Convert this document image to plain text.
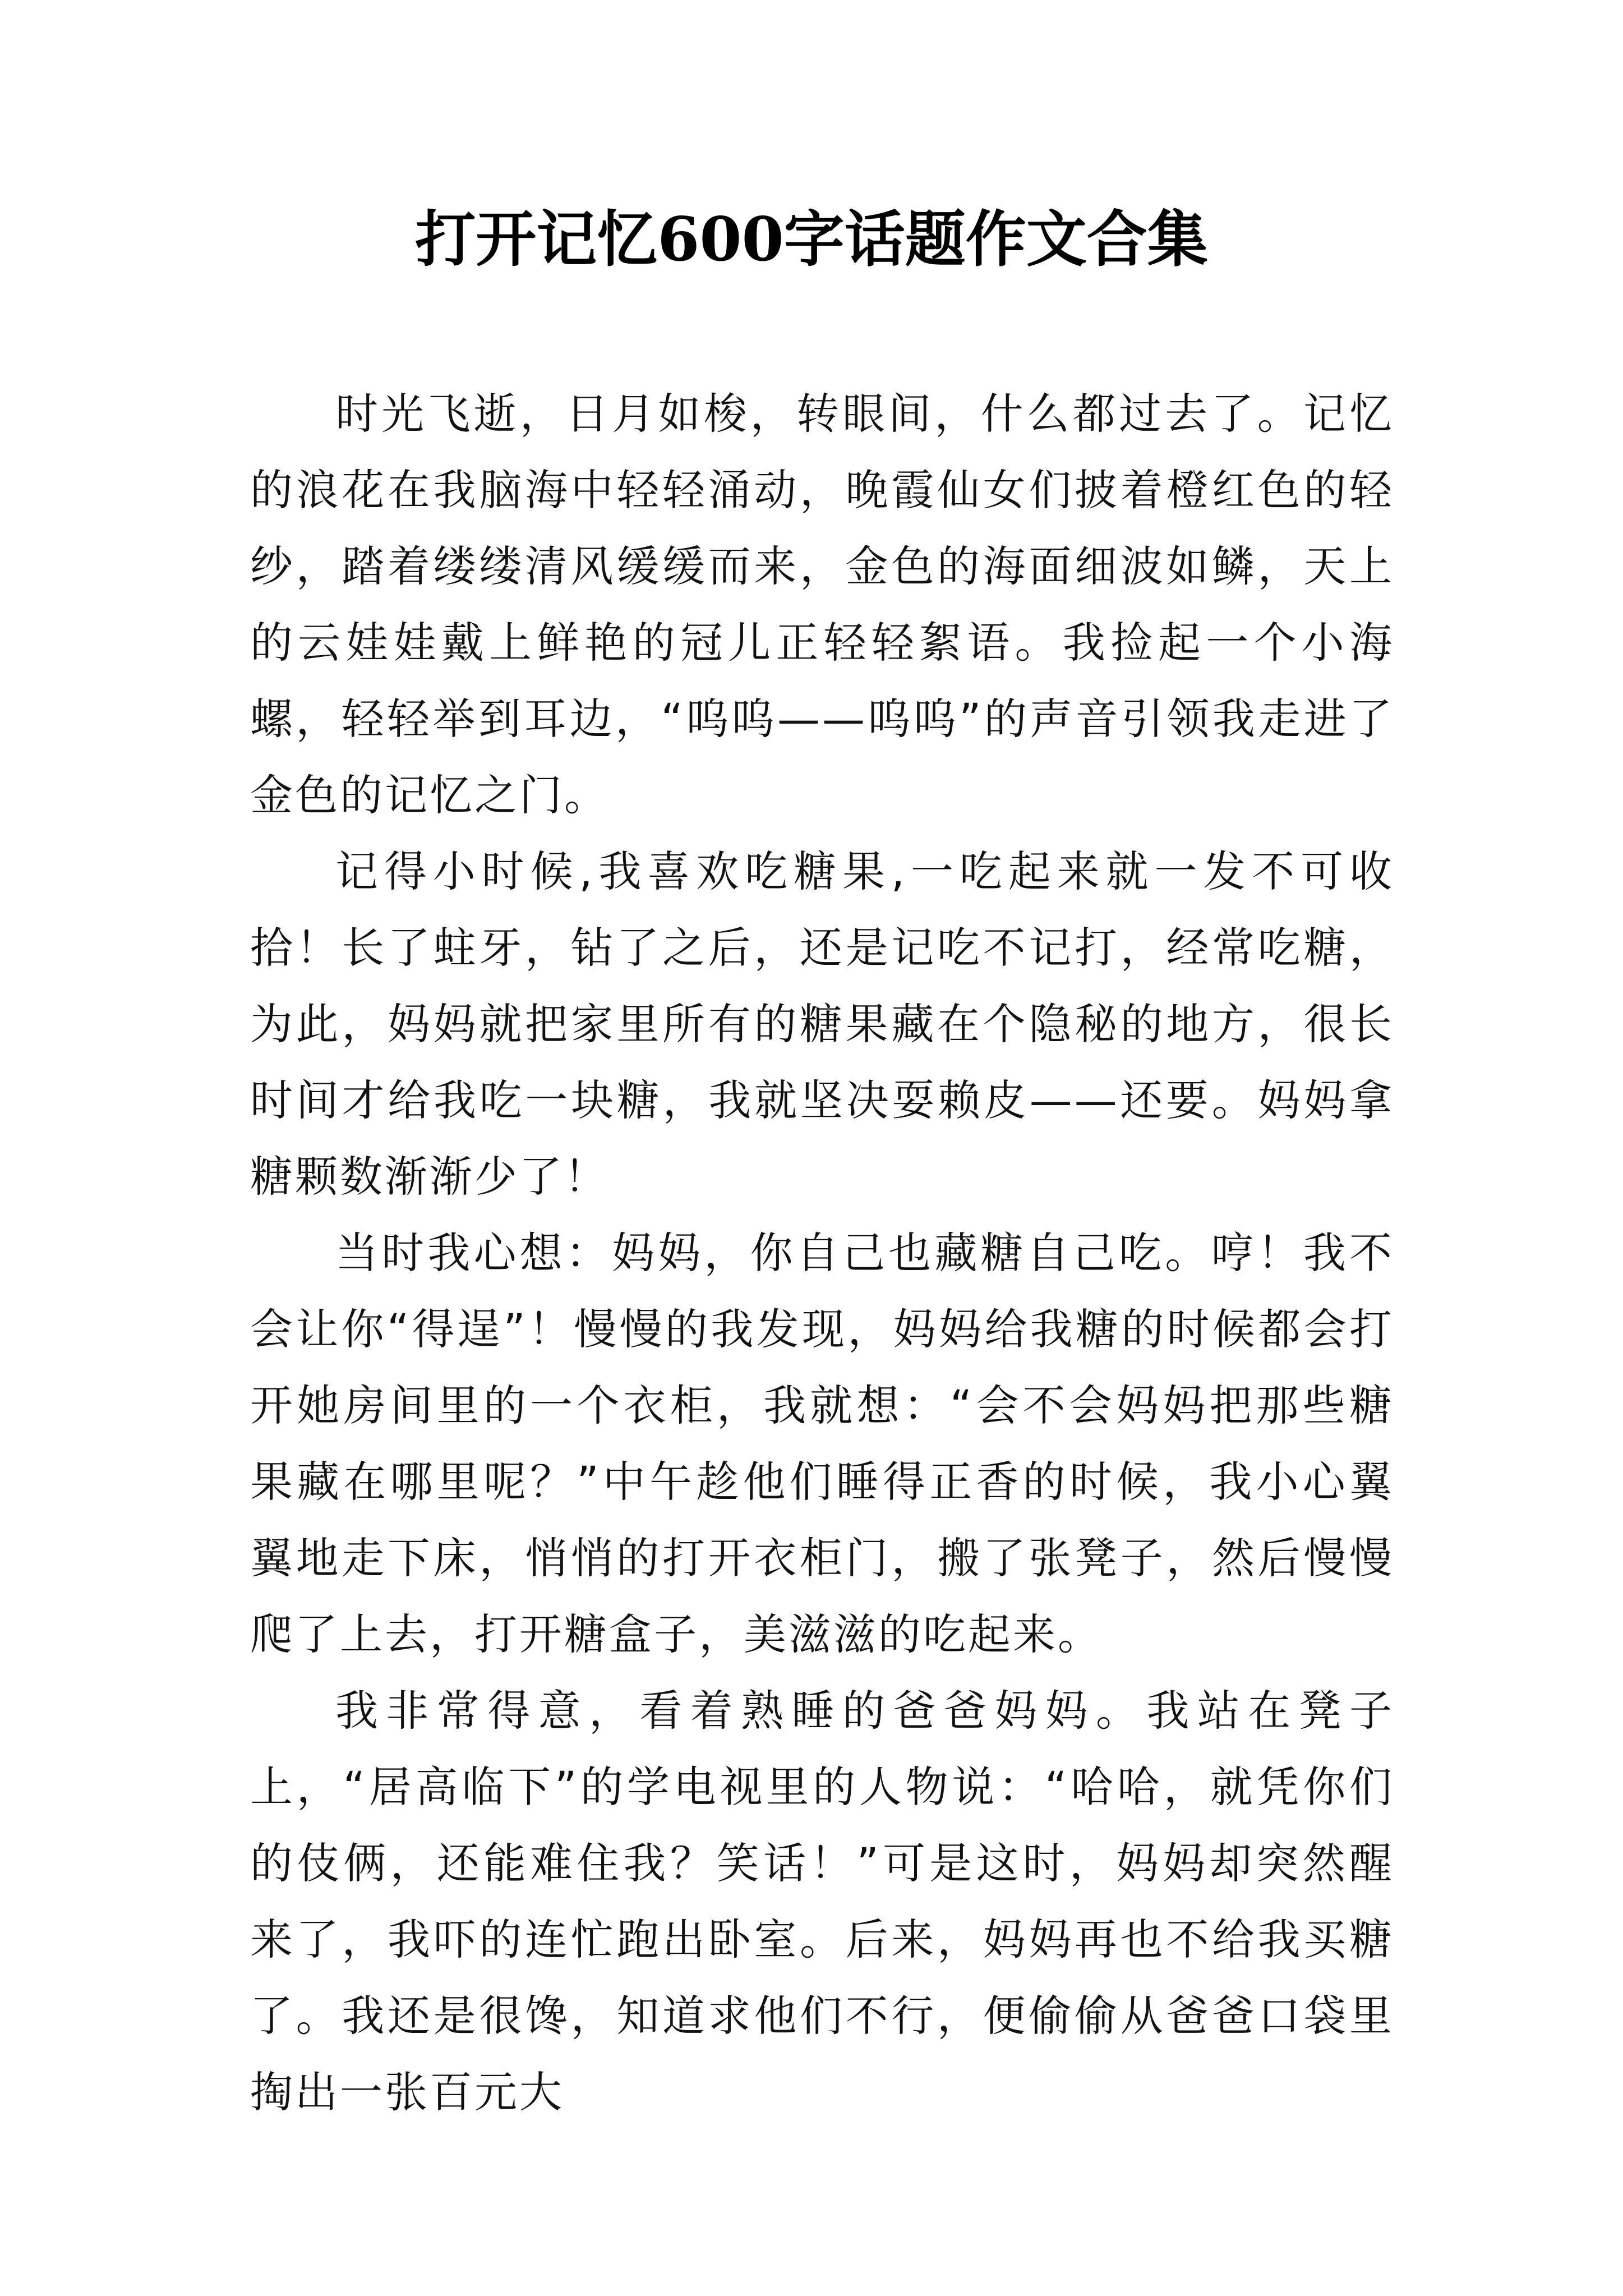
打开记忆600字话题作文合集

时光飞逝，日月如梭，转眼间，什么都过去了。记忆的浪花在我脑海中轻轻涌动，晚霞仙女们披着橙红色的轻纱，踏着缕缕清风缓缓而来，金色的海面细波如鳞，天上的云娃娃戴上鲜艳的冠儿正轻轻絮语。我捡起一个小海螺，轻轻举到耳边，“呜呜——呜呜”的声音引领我走进了金色的记忆之门。

记得小时候,我喜欢吃糖果,一吃起来就一发不可收拾！长了蛀牙，钻了之后，还是记吃不记打，经常吃糖，为此，妈妈就把家里所有的糖果藏在个隐秘的地方，很长时间才给我吃一块糖，我就坚决耍赖皮——还要。妈妈拿糖颗数渐渐少了！

当时我心想：妈妈，你自己也藏糖自己吃。哼！我不会让你“得逞”！慢慢的我发现，妈妈给我糖的时候都会打开她房间里的一个衣柜，我就想：“会不会妈妈把那些糖果藏在哪里呢？”中午趁他们睡得正香的时候，我小心翼翼地走下床，悄悄的打开衣柜门，搬了张凳子，然后慢慢爬了上去，打开糖盒子，美滋滋的吃起来。

我非常得意，看着熟睡的爸爸妈妈。我站在凳子上，“居高临下”的学电视里的人物说：“哈哈，就凭你们的伎俩，还能难住我？笑话！”可是这时，妈妈却突然醒来了，我吓的连忙跑出卧室。后来，妈妈再也不给我买糖了。我还是很馋，知道求他们不行，便偷偷从爸爸口袋里掏出一张百元大
